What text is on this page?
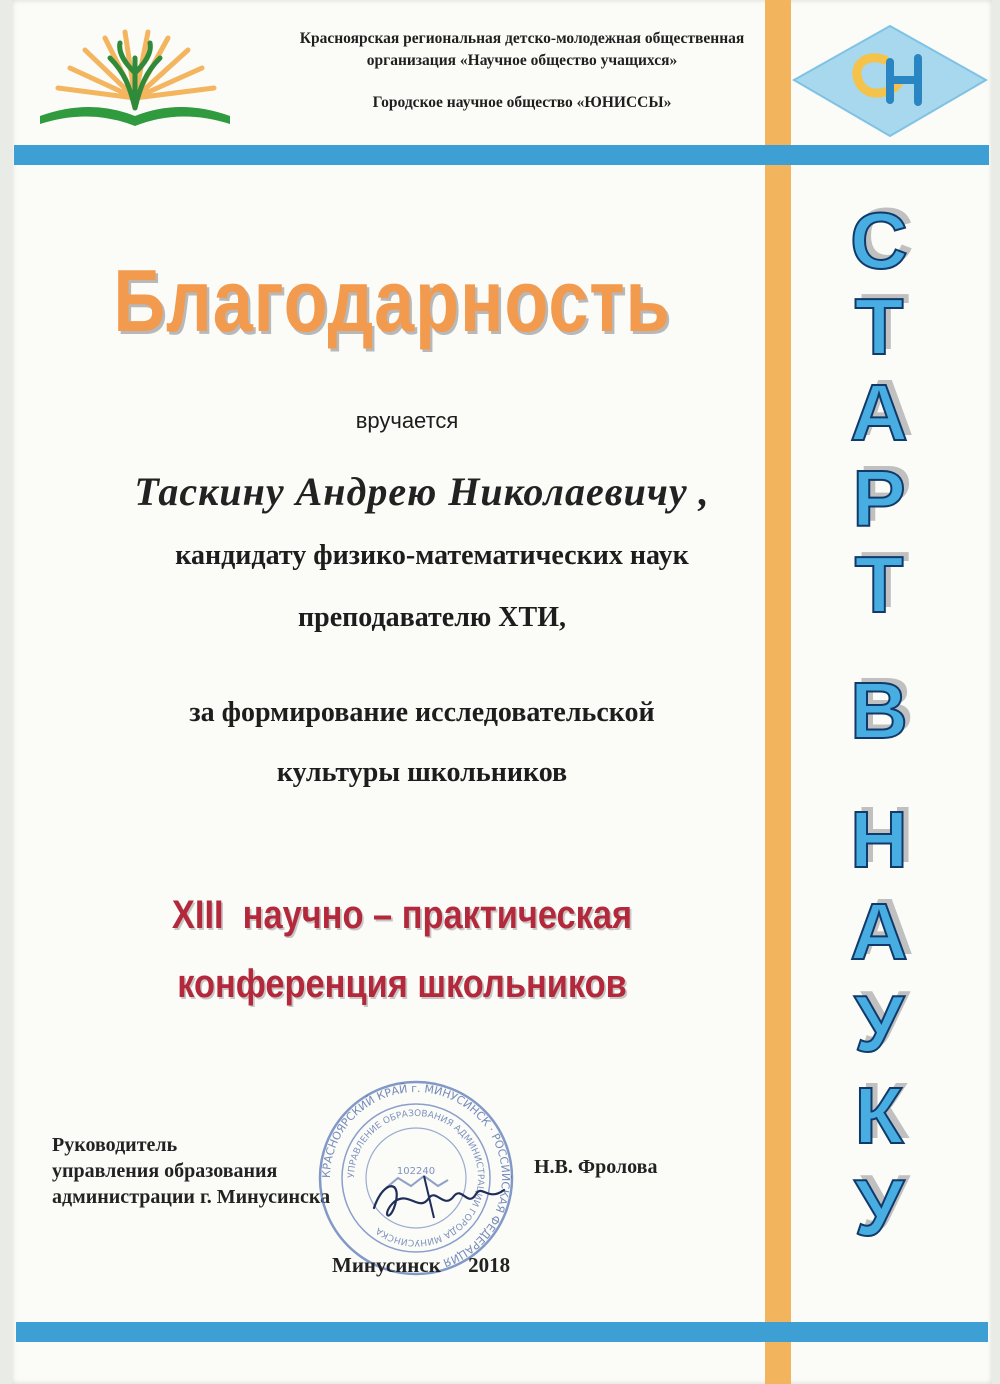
Красноярская региональная детско-молодежная общественная
организация «Научное общество учащихся»
Городское научное общество «ЮНИССЫ»
Благодарность
вручается
Таскину Андрею Николаевичу ,
кандидату физико-математических наук
преподавателю ХТИ,
за формирование исследовательской
культуры школьников
XIII  научно – практическая
конференция школьников
Руководитель
управления образования
администрации г. Минусинска
Н.В. Фролова
КРАСНОЯРСКИЙ КРАЙ г. МИНУСИНСК · РОССИЙСКАЯ ФЕДЕРАЦИЯ
УПРАВЛЕНИЕ ОБРАЗОВАНИЯ АДМИНИСТРАЦИИ ГОРОДА МИНУСИНСКА
102240
Минусинск 2018
С
Т
А
Р
Т
В
Н
А
У
К
У
